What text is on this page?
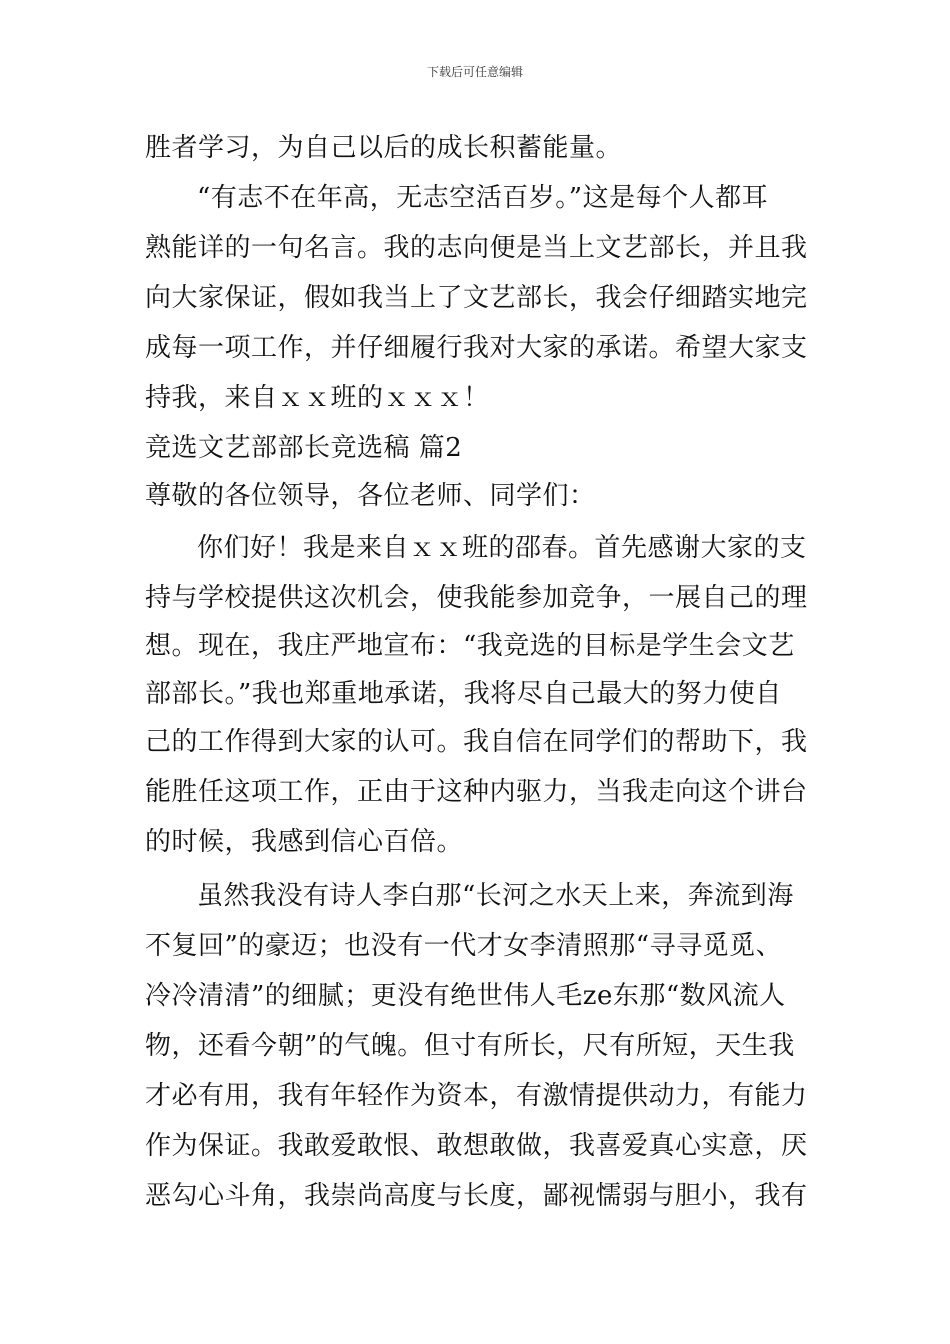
下载后可任意编辑
胜者学习，为自己以后的成长积蓄能量。
“有志不在年高，无志空活百岁。”这是每个人都耳
熟能详的一句名言。我的志向便是当上文艺部长，并且我
向大家保证，假如我当上了文艺部长，我会仔细踏实地完
成每一项工作，并仔细履行我对大家的承诺。希望大家支
持我，来自ｘｘ班的ｘｘｘ！
竞选文艺部部长竞选稿 篇2
尊敬的各位领导，各位老师、同学们：
你们好！我是来自ｘｘ班的邵春。首先感谢大家的支
持与学校提供这次机会，使我能参加竞争，一展自己的理
想。现在，我庄严地宣布：“我竞选的目标是学生会文艺
部部长。”我也郑重地承诺，我将尽自己最大的努力使自
己的工作得到大家的认可。我自信在同学们的帮助下，我
能胜任这项工作，正由于这种内驱力，当我走向这个讲台
的时候，我感到信心百倍。
虽然我没有诗人李白那“长河之水天上来，奔流到海
不复回”的豪迈；也没有一代才女李清照那“寻寻觅觅、
冷冷清清”的细腻；更没有绝世伟人毛ze东那“数风流人
物，还看今朝”的气魄。但寸有所长，尺有所短，天生我
才必有用，我有年轻作为资本，有激情提供动力，有能力
作为保证。我敢爱敢恨、敢想敢做，我喜爱真心实意，厌
恶勾心斗角，我崇尚高度与长度，鄙视懦弱与胆小，我有
